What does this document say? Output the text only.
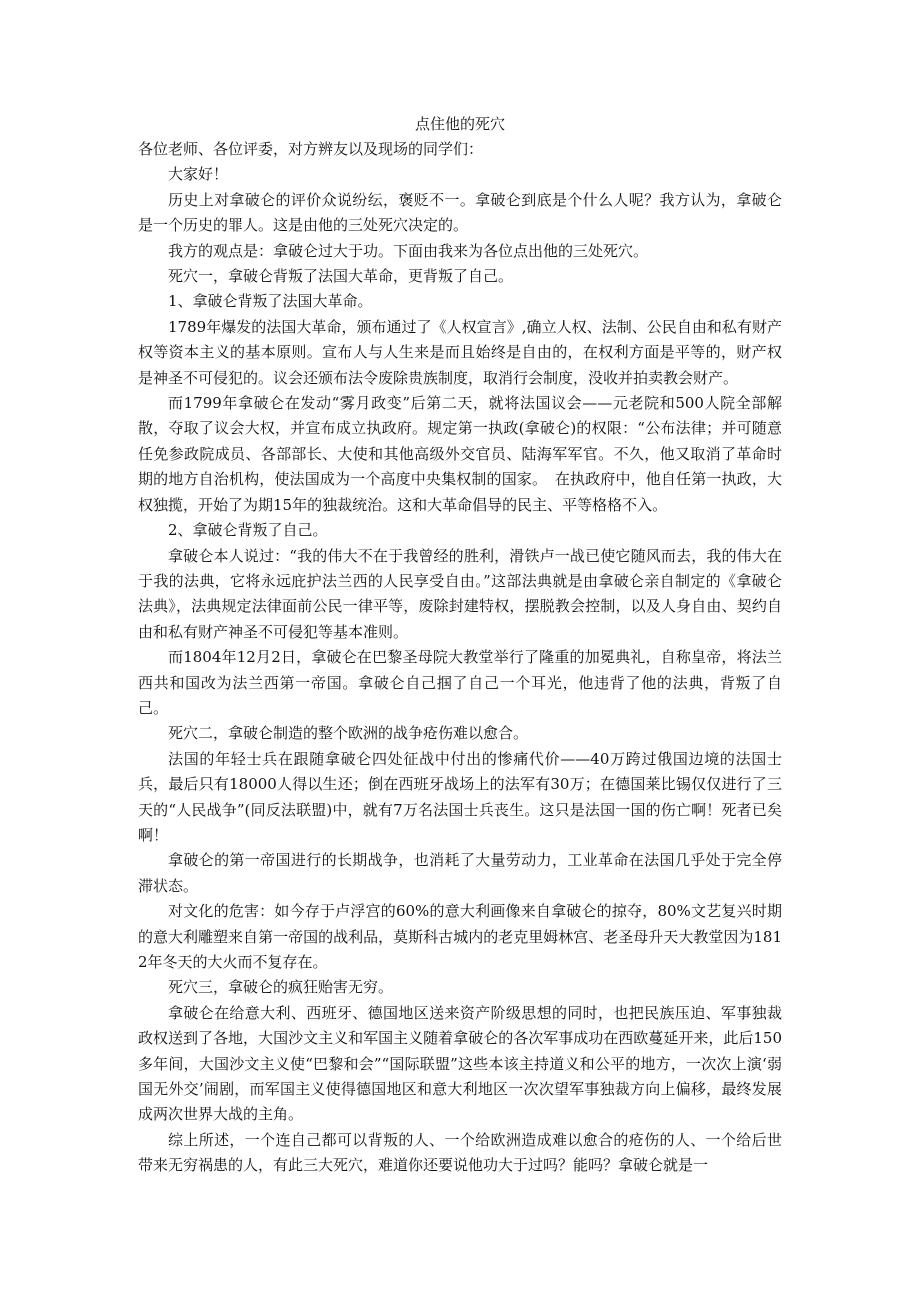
点住他的死穴

各位老师、各位评委，对方辨友以及现场的同学们：

大家好！

历史上对拿破仑的评价众说纷纭，褒贬不一。拿破仑到底是个什么人呢？我方认为，拿破仑是一个历史的罪人。这是由他的三处死穴决定的。

我方的观点是：拿破仑过大于功。下面由我来为各位点出他的三处死穴。

死穴一，拿破仑背叛了法国大革命，更背叛了自己。

1、拿破仑背叛了法国大革命。

1789年爆发的法国大革命，颁布通过了《人权宣言》,确立人权、法制、公民自由和私有财产权等资本主义的基本原则。宣布人与人生来是而且始终是自由的，在权利方面是平等的，财产权是神圣不可侵犯的。议会还颁布法令废除贵族制度，取消行会制度，没收并拍卖教会财产。

而1799年拿破仑在发动“雾月政变”后第二天，就将法国议会——元老院和500人院全部解散，夺取了议会大权，并宣布成立执政府。规定第一执政(拿破仑)的权限：“公布法律；并可随意任免参政院成员、各部部长、大使和其他高级外交官员、陆海军军官。不久，他又取消了革命时期的地方自治机构，使法国成为一个高度中央集权制的国家。　在执政府中，他自任第一执政，大权独揽，开始了为期15年的独裁统治。这和大革命倡导的民主、平等格格不入。

2、拿破仑背叛了自己。

拿破仑本人说过：“我的伟大不在于我曾经的胜利，滑铁卢一战已使它随风而去，我的伟大在于我的法典，它将永远庇护法兰西的人民享受自由。”这部法典就是由拿破仑亲自制定的《拿破仑法典》，法典规定法律面前公民一律平等，废除封建特权，摆脱教会控制，以及人身自由、契约自由和私有财产神圣不可侵犯等基本准则。

而1804年12月2日，拿破仑在巴黎圣母院大教堂举行了隆重的加冕典礼，自称皇帝，将法兰西共和国改为法兰西第一帝国。拿破仑自己掴了自己一个耳光，他违背了他的法典，背叛了自己。

死穴二，拿破仑制造的整个欧洲的战争疮伤难以愈合。

法国的年轻士兵在跟随拿破仑四处征战中付出的惨痛代价——40万跨过俄国边境的法国士兵，最后只有18000人得以生还；倒在西班牙战场上的法军有30万；在德国莱比锡仅仅进行了三天的“人民战争”(同反法联盟)中，就有7万名法国士兵丧生。这只是法国一国的伤亡啊！死者已矣啊！

拿破仑的第一帝国进行的长期战争，也消耗了大量劳动力，工业革命在法国几乎处于完全停滞状态。

对文化的危害：如今存于卢浮宫的60%的意大利画像来自拿破仑的掠夺，80%文艺复兴时期的意大利雕塑来自第一帝国的战利品，莫斯科古城内的老克里姆林宫、老圣母升天大教堂因为1812年冬天的大火而不复存在。

死穴三，拿破仑的疯狂贻害无穷。

拿破仑在给意大利、西班牙、德国地区送来资产阶级思想的同时，也把民族压迫、军事独裁政权送到了各地，大国沙文主义和军国主义随着拿破仑的各次军事成功在西欧蔓延开来，此后150多年间，大国沙文主义使“巴黎和会”“国际联盟”这些本该主持道义和公平的地方，一次次上演‘弱国无外交’闹剧，而军国主义使得德国地区和意大利地区一次次望军事独裁方向上偏移，最终发展成两次世界大战的主角。

综上所述，一个连自己都可以背叛的人、一个给欧洲造成难以愈合的疮伤的人、一个给后世带来无穷祸患的人，有此三大死穴，难道你还要说他功大于过吗？能吗？拿破仑就是一
